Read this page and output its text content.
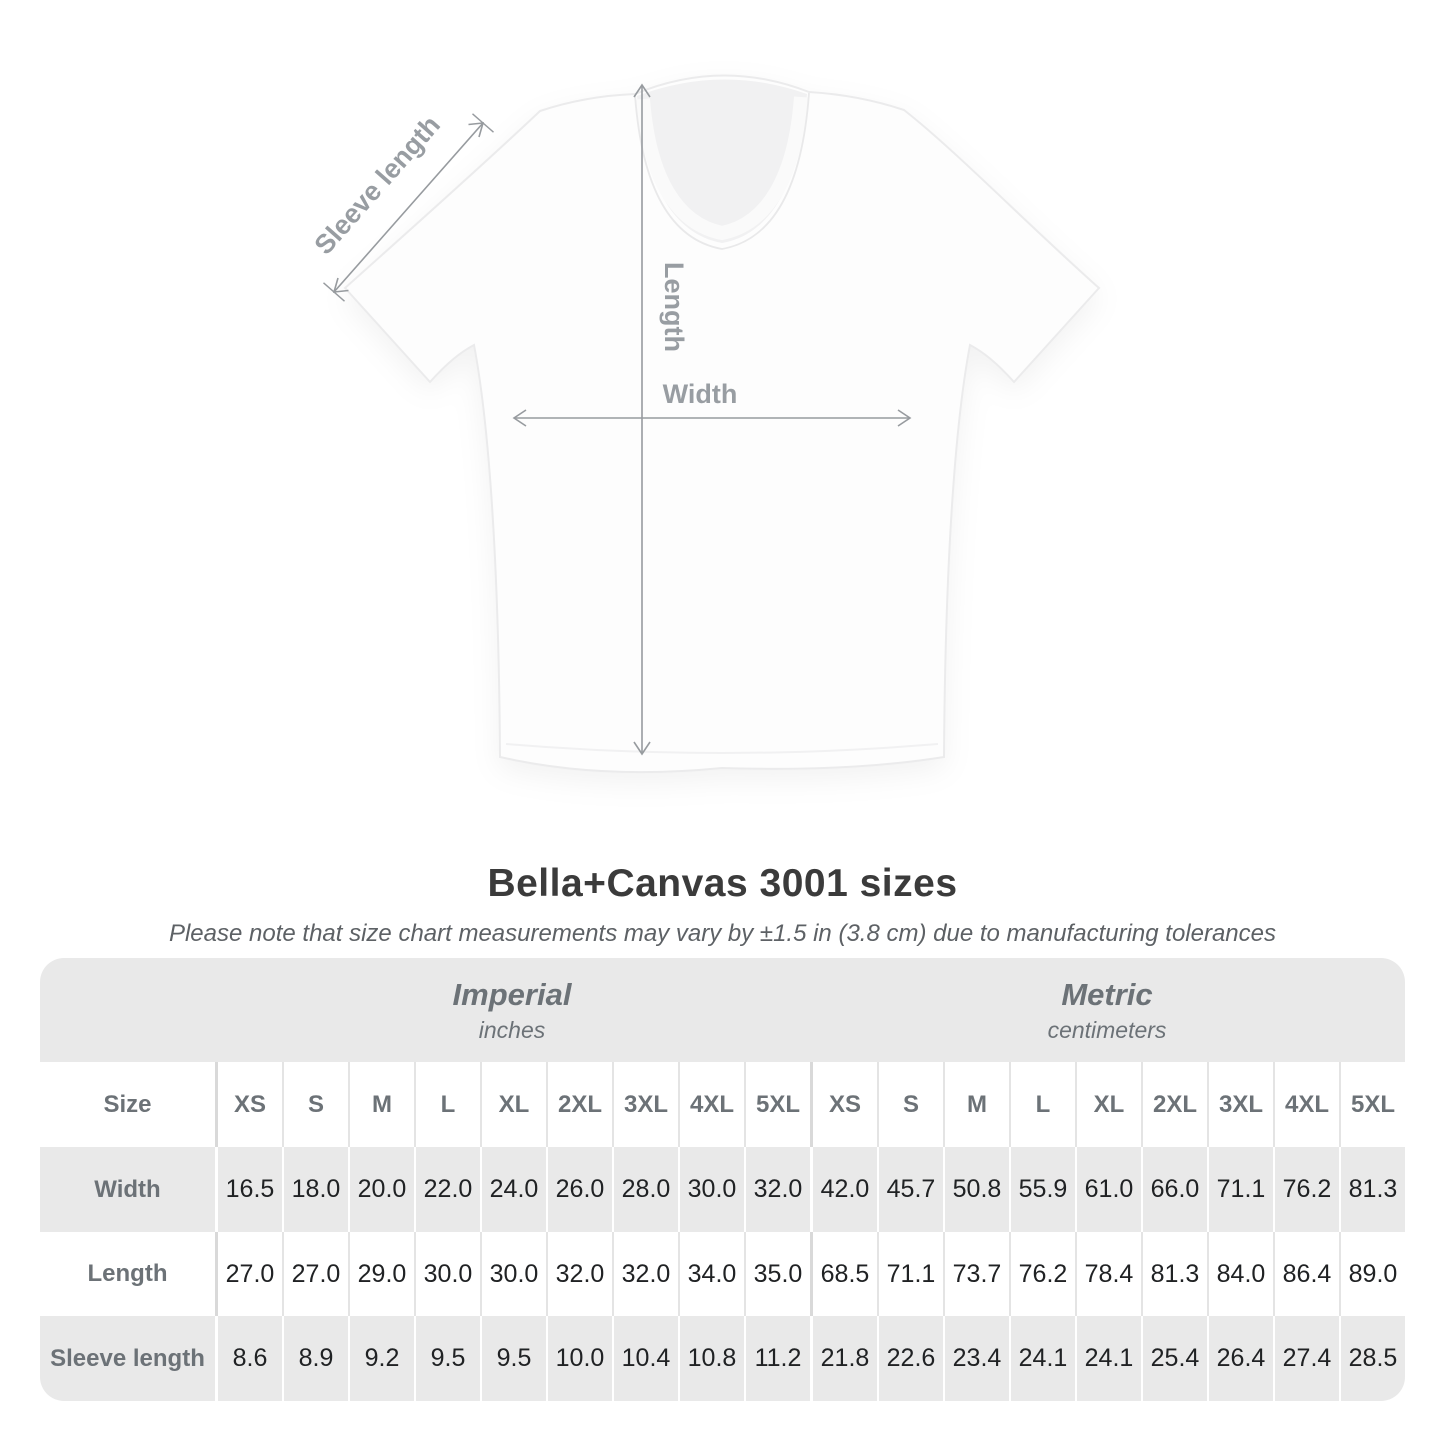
Length
Width
Sleeve length
Bella+Canvas 3001 sizes
Please note that size chart measurements may vary by ±1.5 in (3.8 cm) due to manufacturing tolerances
Imperial
inches
Metric
centimeters
Size	XS	S	M	L	XL	2XL 3XL 4XL 5XL	XS	S	M	L	XL	2XL 3XL 4XL 5XL
Width	16.5 18.0 20.0 22.0 24.0 26.0 28.0 30.0 32.0 42.0 45.7 50.8 55.9 61.0 66.0 71.1 76.2 81.3
Length	27.0 27.0 29.0 30.0 30.0 32.0 32.0 34.0 35.0 68.5 71.1 73.7 76.2 78.4 81.3 84.0 86.4 89.0
Sleeve length	8.6	8.9	9.2	9.5	9.5 10.0 10.4 10.8 11.2 21.8 22.6 23.4 24.1 24.1 25.4 26.4 27.4 28.5
